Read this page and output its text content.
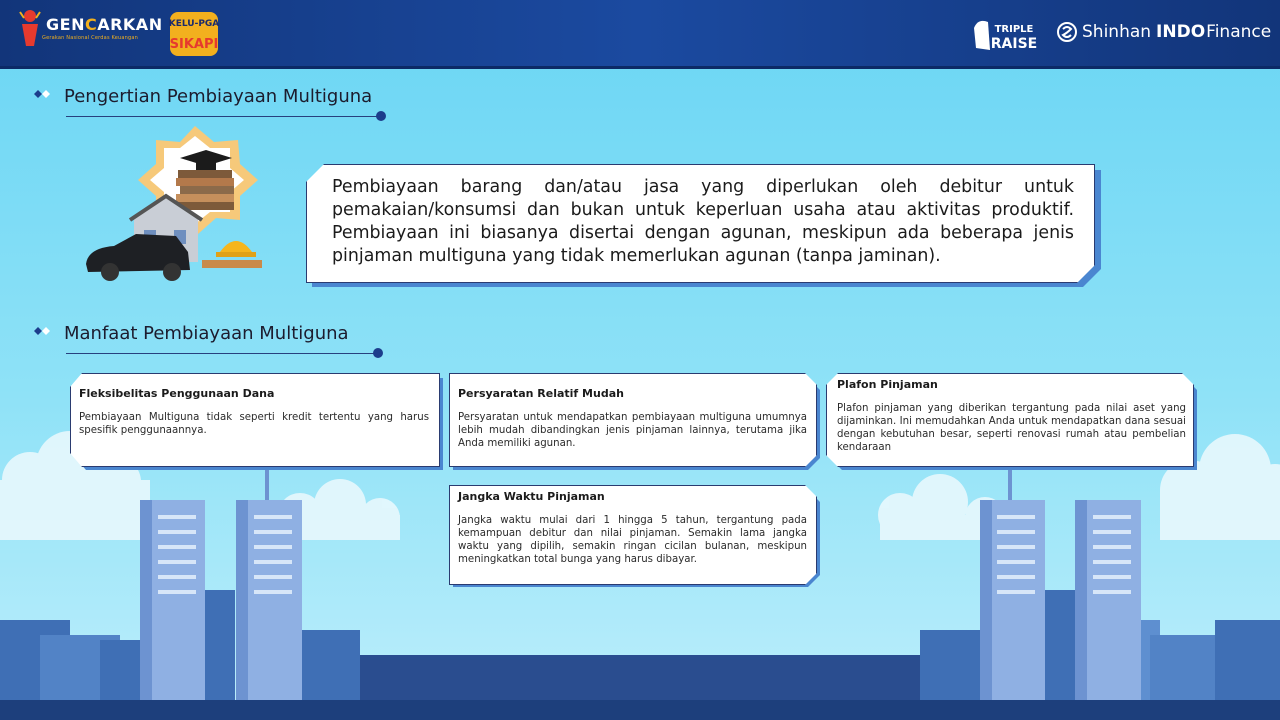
GENCARKAN
Gerakan Nasional Cerdas Keuangan
KELU-PGA
SIKAPI
TRIPLE
RAISE
Shinhan INDO Finance
Pengertian Pembiayaan Multiguna
Pembiayaan barang dan/atau jasa yang diperlukan oleh debitur untuk pemakaian/konsumsi dan bukan untuk keperluan usaha atau aktivitas produktif. Pembiayaan ini biasanya disertai dengan agunan, meskipun ada beberapa jenis pinjaman multiguna yang tidak memerlukan agunan (tanpa jaminan).
Manfaat Pembiayaan Multiguna
Fleksibelitas Penggunaan Dana
Pembiayaan Multiguna tidak seperti kredit tertentu yang harus spesifik penggunaannya.
Persyaratan Relatif Mudah
Persyaratan untuk mendapatkan pembiayaan multiguna umumnya lebih mudah dibandingkan jenis pinjaman lainnya, terutama jika Anda memiliki agunan.
Plafon Pinjaman
Plafon pinjaman yang diberikan tergantung pada nilai aset yang dijaminkan. Ini memudahkan Anda untuk mendapatkan dana sesuai dengan kebutuhan besar, seperti renovasi rumah atau pembelian kendaraan
Jangka Waktu Pinjaman
Jangka waktu mulai dari 1 hingga 5 tahun, tergantung pada kemampuan debitur dan nilai pinjaman. Semakin lama jangka waktu yang dipilih, semakin ringan cicilan bulanan, meskipun meningkatkan total bunga yang harus dibayar.
